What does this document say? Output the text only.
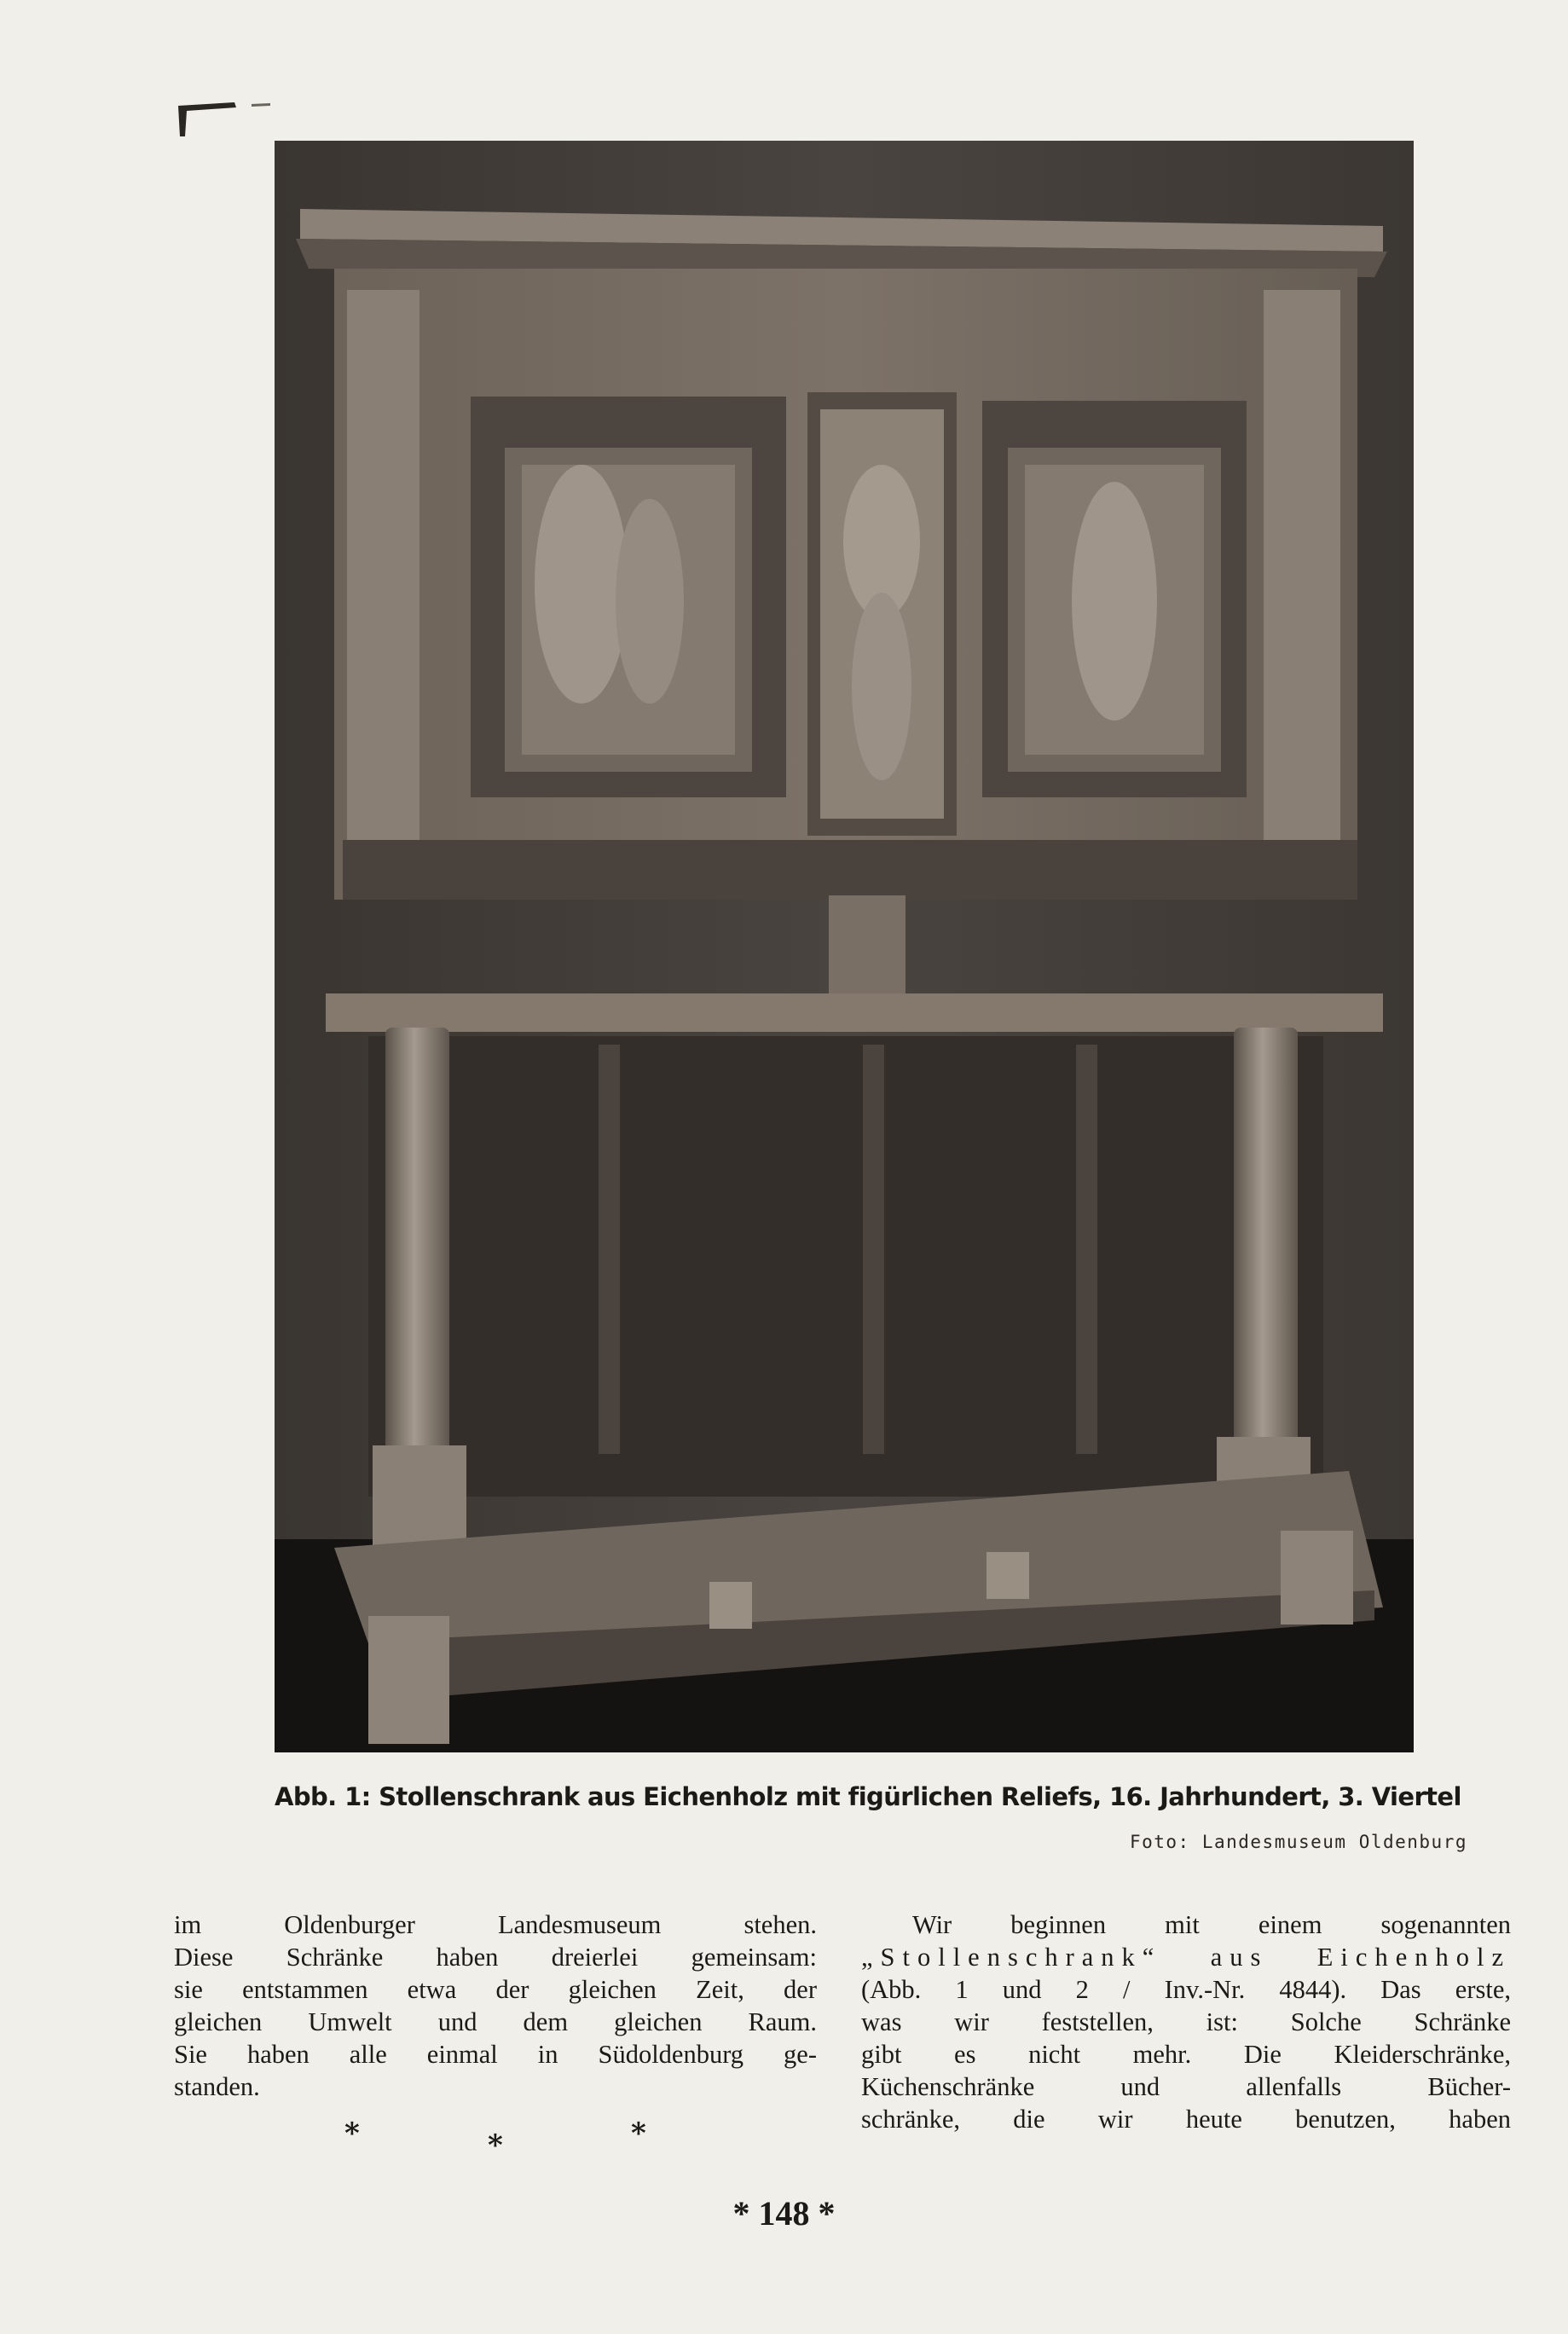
Abb. 1: Stollenschrank aus Eichenholz mit figürlichen Reliefs, 16. Jahrhundert, 3. Viertel
Foto: Landesmuseum Oldenburg
im Oldenburger Landesmuseum stehen.
Diese Schränke haben dreierlei gemeinsam:
sie entstammen etwa der gleichen Zeit, der
gleichen Umwelt und dem gleichen Raum.
Sie haben alle einmal in Südoldenburg ge-
standen.
*	*	*
Wir beginnen mit einem sogenannten
„Stollenschrank“ aus Eichenholz
(Abb. 1 und 2 / Inv.-Nr. 4844). Das erste,
was wir feststellen, ist: Solche Schränke
gibt es nicht mehr. Die Kleiderschränke,
Küchenschränke und allenfalls Bücher-
schränke, die wir heute benutzen, haben
* 148 *
